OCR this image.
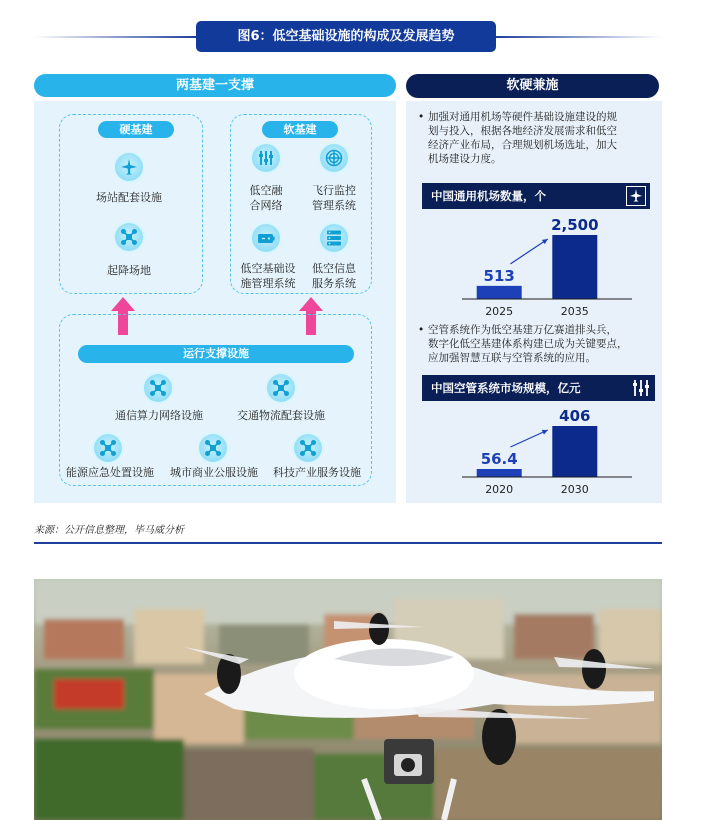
图6：低空基础设施的构成及发展趋势
两基建一支撑
硬基建
场站配套设施
起降场地
软基建
低空融
合网络
飞行监控
管理系统
低空基础设
施管理系统
低空信息
服务系统
运行支撑设施
通信算力网络设施	交通物流配套设施
能源应急处置设施	城市商业公服设施	科技产业服务设施
软硬兼施
• 加强对通用机场等硬件基础设施建设的规
划与投入，根据各地经济发展需求和低空
经济产业布局，合理规划机场选址，加大
机场建设力度。
中国通用机场数量，个
513
2025
2,500
2035
• 空管系统作为低空基建万亿赛道排头兵，
数字化低空基建体系构建已成为关键要点，
应加强智慧互联与空管系统的应用。
中国空管系统市场规模，亿元
56.4
2020
406
2030
来源：公开信息整理，毕马威分析
